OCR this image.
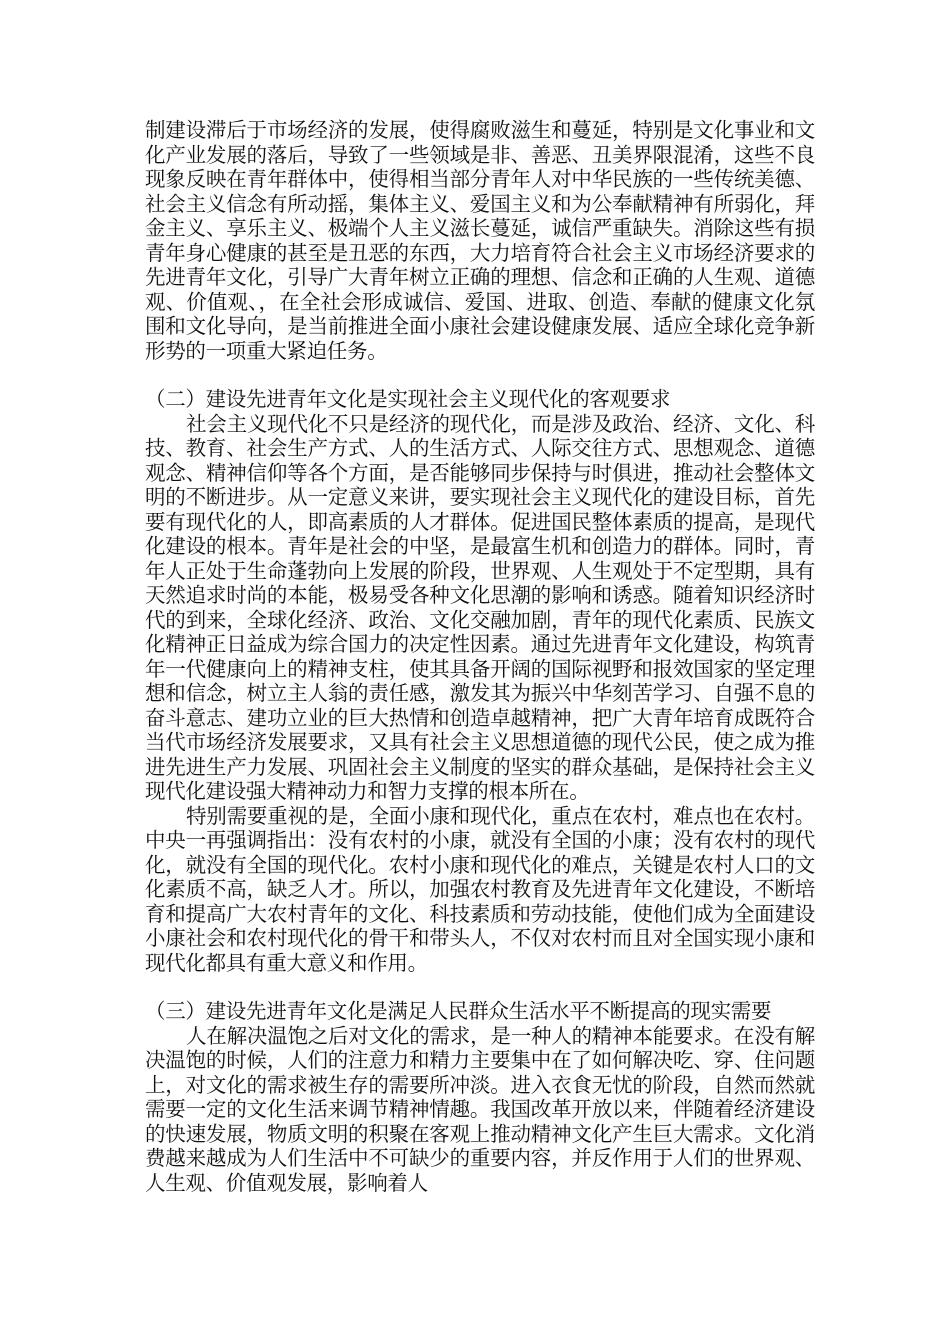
制建设滞后于市场经济的发展，使得腐败滋生和蔓延，特别是文化事业和文化产业发展的落后，导致了一些领域是非、善恶、丑美界限混淆，这些不良现象反映在青年群体中，使得相当部分青年人对中华民族的一些传统美德、社会主义信念有所动摇，集体主义、爱国主义和为公奉献精神有所弱化，拜金主义、享乐主义、极端个人主义滋长蔓延，诚信严重缺失。消除这些有损青年身心健康的甚至是丑恶的东西，大力培育符合社会主义市场经济要求的先进青年文化，引导广大青年树立正确的理想、信念和正确的人生观、道德观、价值观、，在全社会形成诚信、爱国、进取、创造、奉献的健康文化氛围和文化导向，是当前推进全面小康社会建设健康发展、适应全球化竞争新形势的一项重大紧迫任务。

（二）建设先进青年文化是实现社会主义现代化的客观要求

社会主义现代化不只是经济的现代化，而是涉及政治、经济、文化、科技、教育、社会生产方式、人的生活方式、人际交往方式、思想观念、道德观念、精神信仰等各个方面，是否能够同步保持与时俱进，推动社会整体文明的不断进步。从一定意义来讲，要实现社会主义现代化的建设目标，首先要有现代化的人，即高素质的人才群体。促进国民整体素质的提高，是现代化建设的根本。青年是社会的中坚，是最富生机和创造力的群体。同时，青年人正处于生命蓬勃向上发展的阶段，世界观、人生观处于不定型期，具有天然追求时尚的本能，极易受各种文化思潮的影响和诱惑。随着知识经济时代的到来，全球化经济、政治、文化交融加剧，青年的现代化素质、民族文化精神正日益成为综合国力的决定性因素。通过先进青年文化建设，构筑青年一代健康向上的精神支柱，使其具备开阔的国际视野和报效国家的坚定理想和信念，树立主人翁的责任感，激发其为振兴中华刻苦学习、自强不息的奋斗意志、建功立业的巨大热情和创造卓越精神，把广大青年培育成既符合当代市场经济发展要求，又具有社会主义思想道德的现代公民，使之成为推进先进生产力发展、巩固社会主义制度的坚实的群众基础，是保持社会主义现代化建设强大精神动力和智力支撑的根本所在。

特别需要重视的是，全面小康和现代化，重点在农村，难点也在农村。中央一再强调指出：没有农村的小康，就没有全国的小康；没有农村的现代化，就没有全国的现代化。农村小康和现代化的难点，关键是农村人口的文化素质不高，缺乏人才。所以，加强农村教育及先进青年文化建设，不断培育和提高广大农村青年的文化、科技素质和劳动技能，使他们成为全面建设小康社会和农村现代化的骨干和带头人，不仅对农村而且对全国实现小康和现代化都具有重大意义和作用。

（三）建设先进青年文化是满足人民群众生活水平不断提高的现实需要

人在解决温饱之后对文化的需求，是一种人的精神本能要求。在没有解决温饱的时候，人们的注意力和精力主要集中在了如何解决吃、穿、住问题上，对文化的需求被生存的需要所冲淡。进入衣食无忧的阶段，自然而然就需要一定的文化生活来调节精神情趣。我国改革开放以来，伴随着经济建设的快速发展，物质文明的积聚在客观上推动精神文化产生巨大需求。文化消费越来越成为人们生活中不可缺少的重要内容，并反作用于人们的世界观、人生观、价值观发展，影响着人
